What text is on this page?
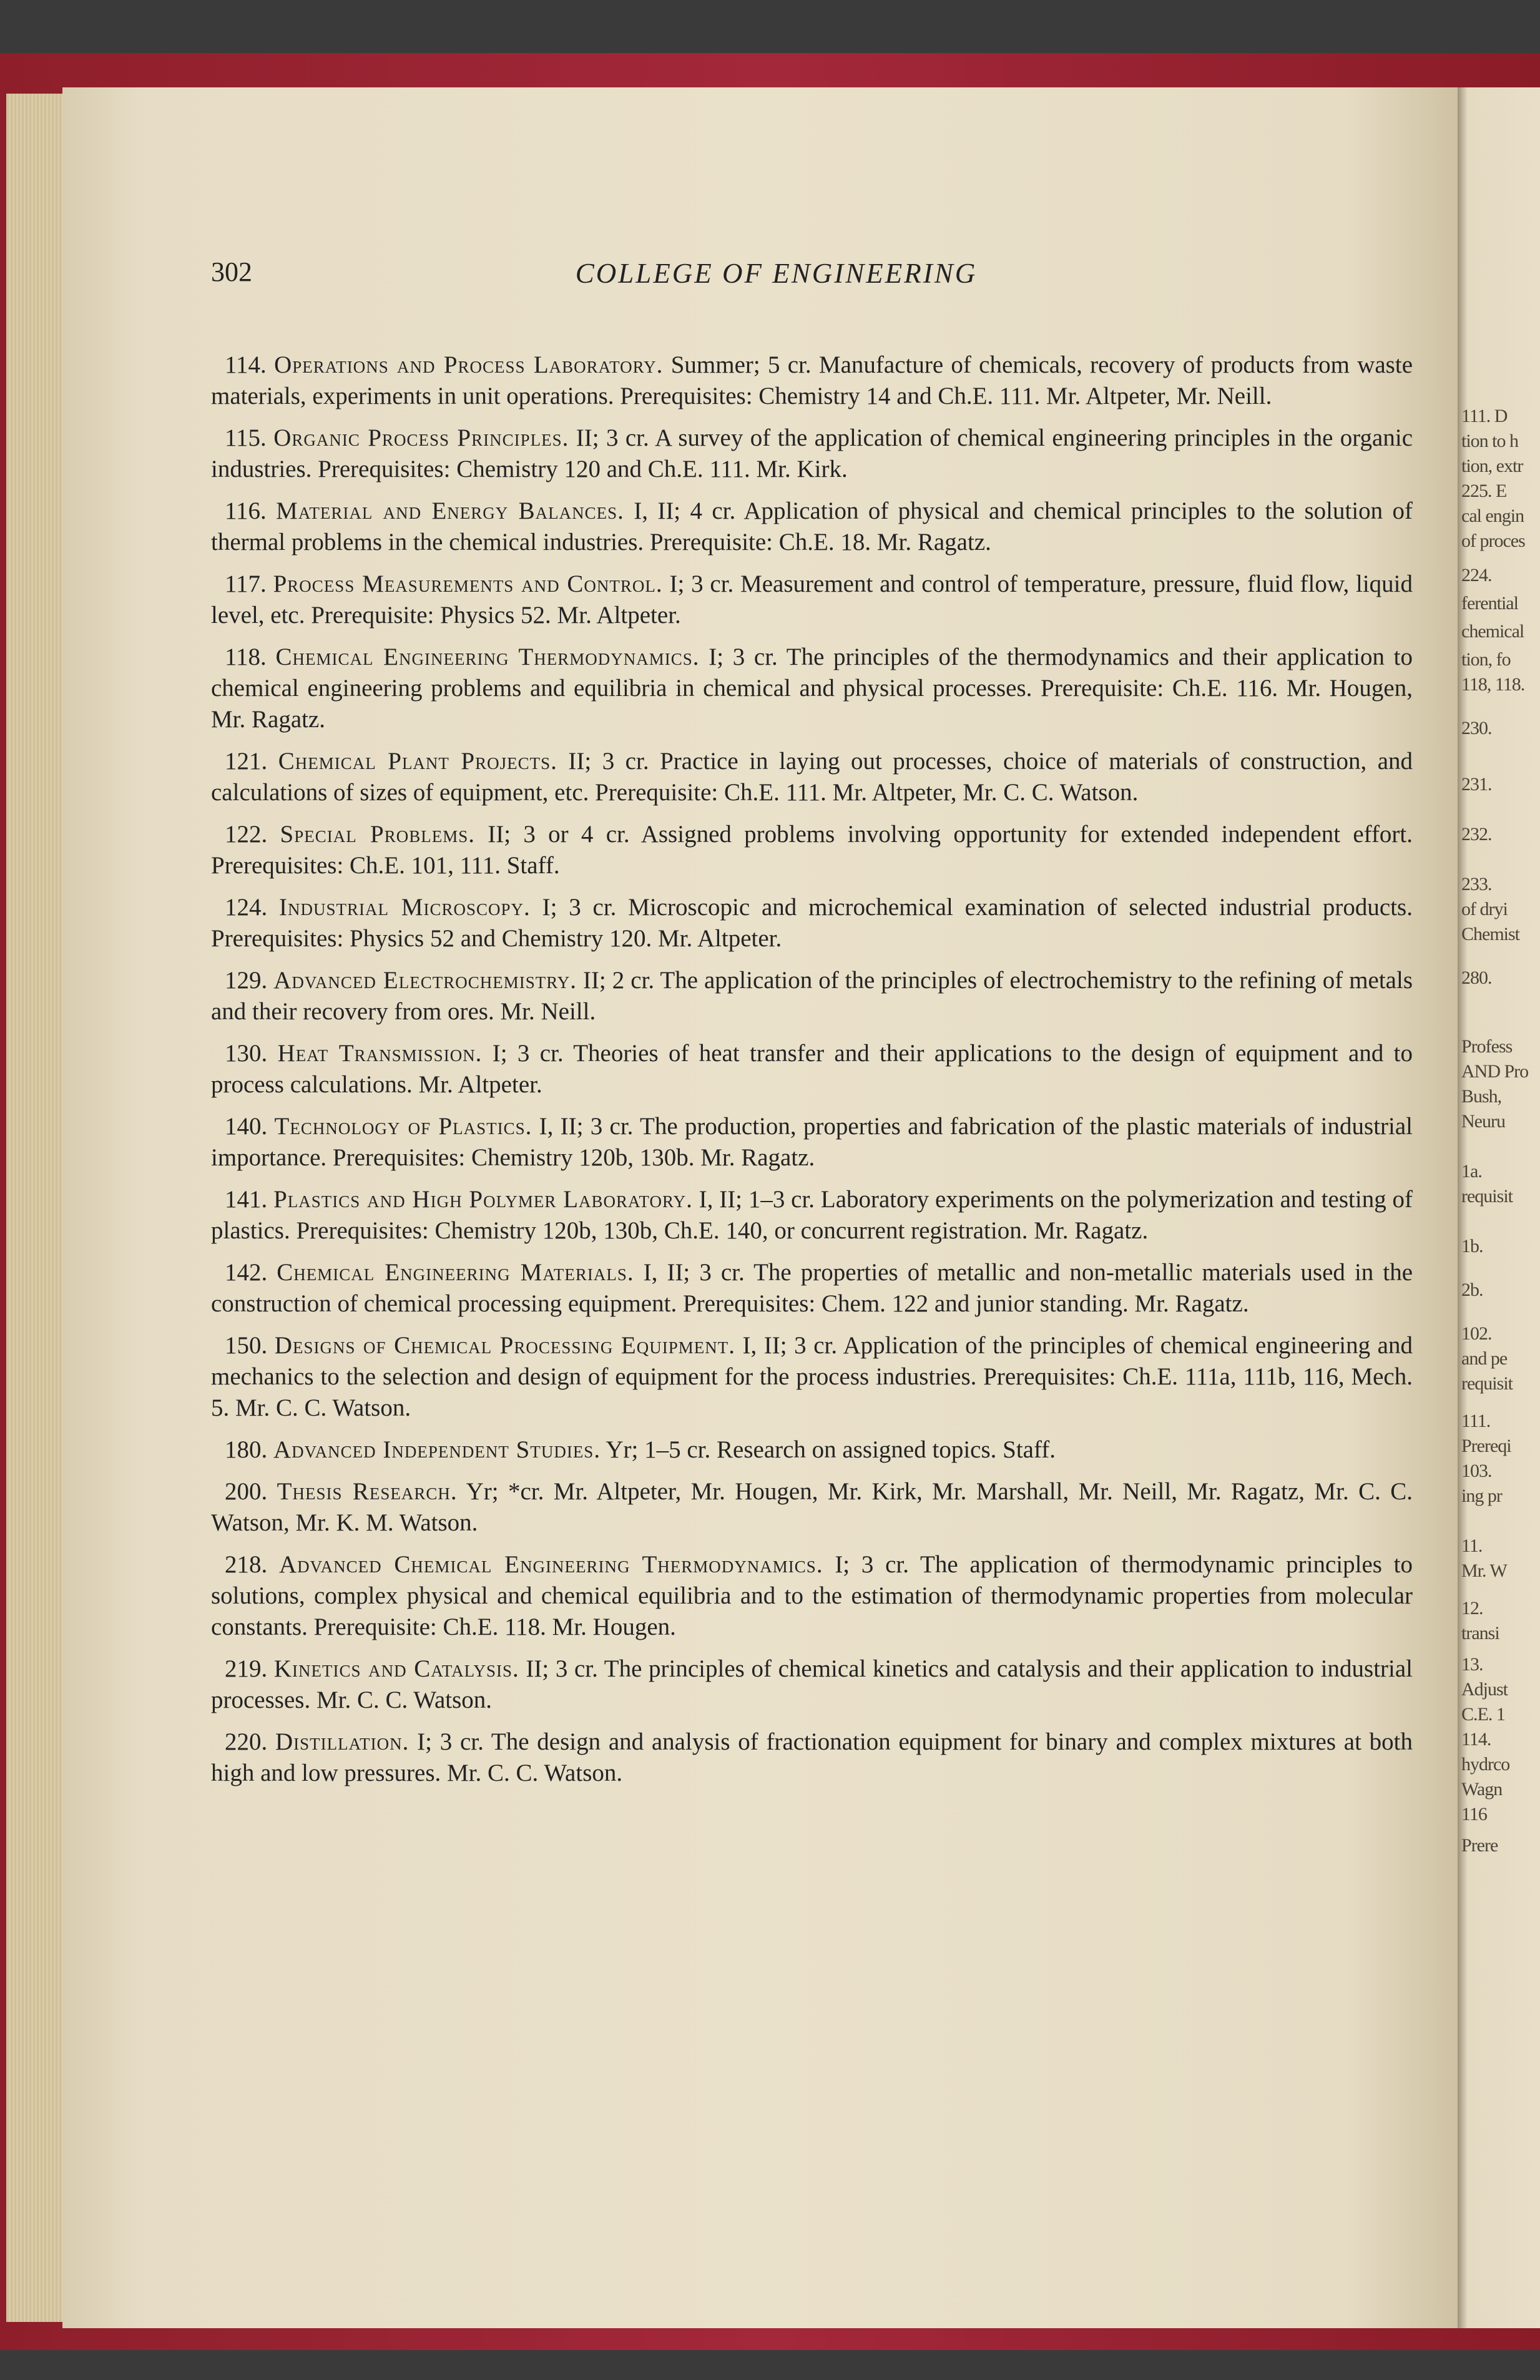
111. D
tion to h
tion, extr
225. E
cal engin
of proces
224.
ferential
chemical
tion, fo
118, 118.
230.
231.
232.
233.
of dryi
Chemist
280.
Profess
AND Pro
Bush,
Neuru
1a.
requisit
1b.
2b.
102.
and pe
requisit
111.
Prereqi
103.
ing pr
11.
Mr. W
12.
transi
13.
Adjust
C.E. 1
114.
hydrco
Wagn
116
Prere
302	COLLEGE OF ENGINEERING

114. Operations and Process Laboratory. Summer; 5 cr. Manufacture of chemicals, recovery of products from waste materials, experiments in unit operations. Prerequisites: Chemistry 14 and Ch.E. 111. Mr. Altpeter, Mr. Neill.

115. Organic Process Principles. II; 3 cr. A survey of the application of chemical engineering principles in the organic industries. Prerequisites: Chemistry 120 and Ch.E. 111. Mr. Kirk.

116. Material and Energy Balances. I, II; 4 cr. Application of physical and chemical principles to the solution of thermal problems in the chemical industries. Prerequisite: Ch.E. 18. Mr. Ragatz.

117. Process Measurements and Control. I; 3 cr. Measurement and control of temperature, pressure, fluid flow, liquid level, etc. Prerequisite: Physics 52. Mr. Altpeter.

118. Chemical Engineering Thermodynamics. I; 3 cr. The principles of the thermodynamics and their application to chemical engineering problems and equilibria in chemical and physical processes. Prerequisite: Ch.E. 116. Mr. Hougen, Mr. Ragatz.

121. Chemical Plant Projects. II; 3 cr. Practice in laying out processes, choice of materials of construction, and calculations of sizes of equipment, etc. Prerequisite: Ch.E. 111. Mr. Altpeter, Mr. C. C. Watson.

122. Special Problems. II; 3 or 4 cr. Assigned problems involving opportunity for extended independent effort. Prerequisites: Ch.E. 101, 111. Staff.

124. Industrial Microscopy. I; 3 cr. Microscopic and microchemical examination of selected industrial products. Prerequisites: Physics 52 and Chemistry 120. Mr. Altpeter.

129. Advanced Electrochemistry. II; 2 cr. The application of the principles of electrochemistry to the refining of metals and their recovery from ores. Mr. Neill.

130. Heat Transmission. I; 3 cr. Theories of heat transfer and their applications to the design of equipment and to process calculations. Mr. Altpeter.

140. Technology of Plastics. I, II; 3 cr. The production, properties and fabrication of the plastic materials of industrial importance. Prerequisites: Chemistry 120b, 130b. Mr. Ragatz.

141. Plastics and High Polymer Laboratory. I, II; 1–3 cr. Laboratory experiments on the polymerization and testing of plastics. Prerequisites: Chemistry 120b, 130b, Ch.E. 140, or concurrent registration. Mr. Ragatz.

142. Chemical Engineering Materials. I, II; 3 cr. The properties of metallic and non-metallic materials used in the construction of chemical processing equipment. Prerequisites: Chem. 122 and junior standing. Mr. Ragatz.

150. Designs of Chemical Processing Equipment. I, II; 3 cr. Application of the principles of chemical engineering and mechanics to the selection and design of equipment for the process industries. Prerequisites: Ch.E. 111a, 111b, 116, Mech. 5. Mr. C. C. Watson.

180. Advanced Independent Studies. Yr; 1–5 cr. Research on assigned topics. Staff.

200. Thesis Research. Yr; *cr. Mr. Altpeter, Mr. Hougen, Mr. Kirk, Mr. Marshall, Mr. Neill, Mr. Ragatz, Mr. C. C. Watson, Mr. K. M. Watson.

218. Advanced Chemical Engineering Thermodynamics. I; 3 cr. The application of thermodynamic principles to solutions, complex physical and chemical equilibria and to the estimation of thermodynamic properties from molecular constants. Prerequisite: Ch.E. 118. Mr. Hougen.

219. Kinetics and Catalysis. II; 3 cr. The principles of chemical kinetics and catalysis and their application to industrial processes. Mr. C. C. Watson.

220. Distillation. I; 3 cr. The design and analysis of fractionation equipment for binary and complex mixtures at both high and low pressures. Mr. C. C. Watson.
